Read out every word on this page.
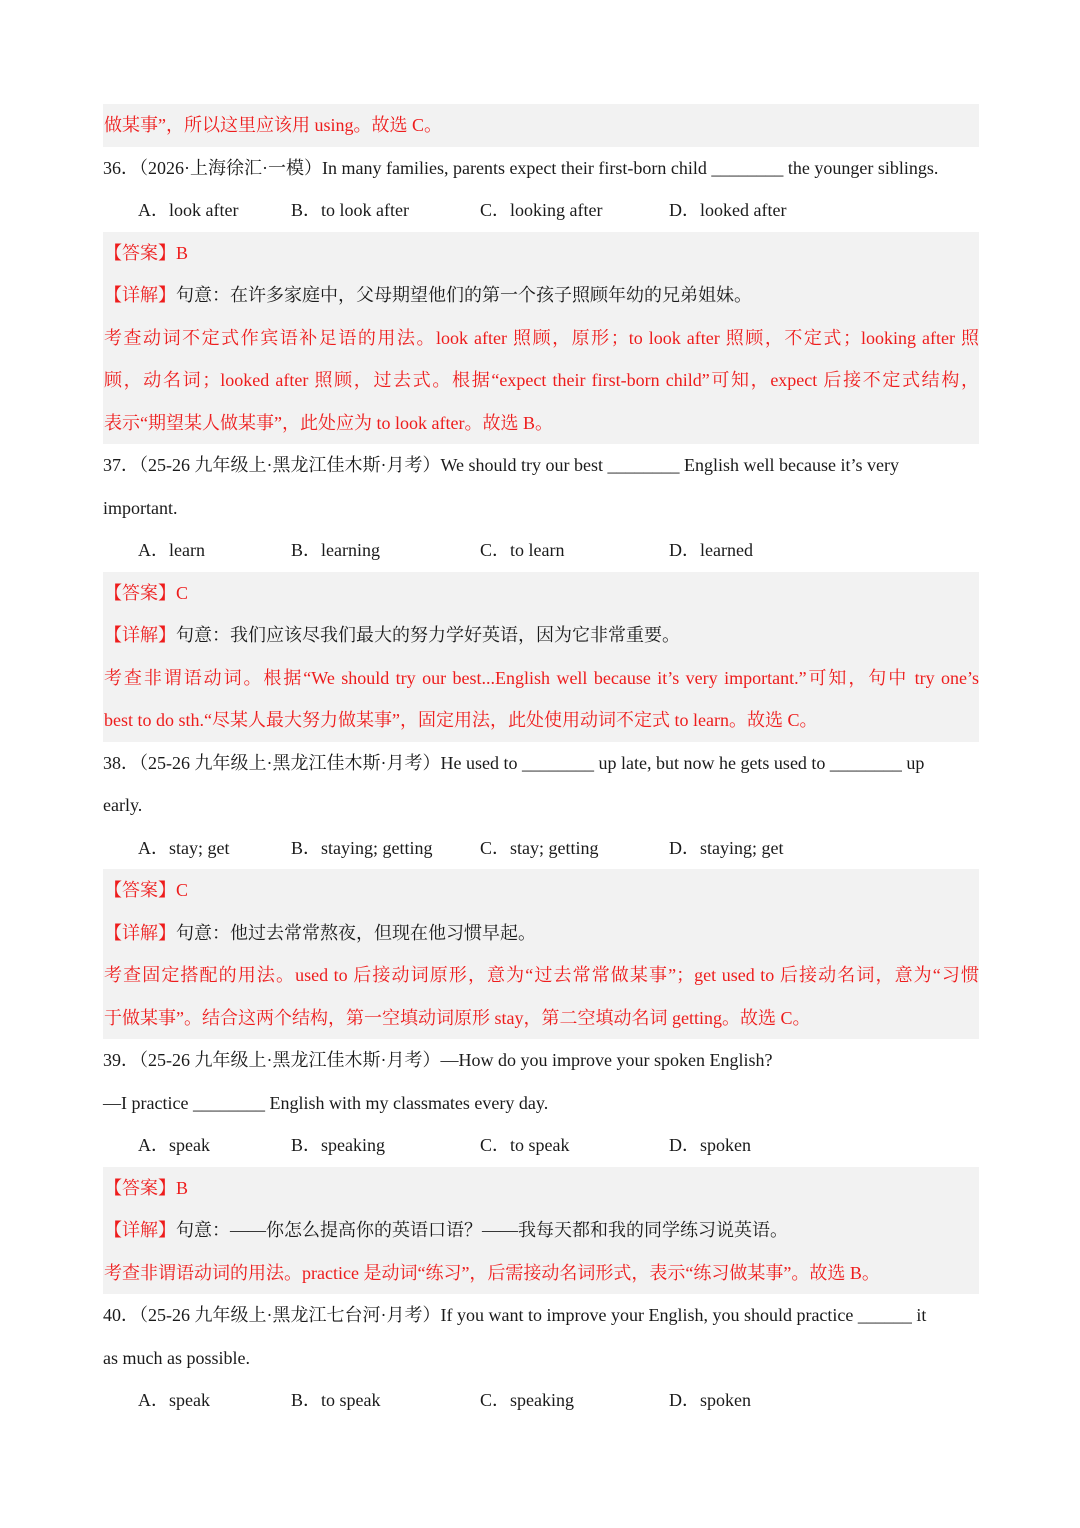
做某事”，所以这里应该用 using。故选 C。
36．（2026·上海徐汇·一模）In many families, parents expect their first-born child ________ the younger siblings.
A．look after	B．to look after	C．looking after	D．looked after
【答案】B
【详解】句意：在许多家庭中，父母期望他们的第一个孩子照顾年幼的兄弟姐妹。
考查动词不定式作宾语补足语的用法。look after 照顾，原形；to look after 照顾，不定式；looking after 照
顾，动名词；looked after 照顾，过去式。根据“expect their first-born child”可知，expect 后接不定式结构，
表示“期望某人做某事”，此处应为 to look after。故选 B。
37．（25-26 九年级上·黑龙江佳木斯·月考）We should try our best ________ English well because it’s very
important.
A．learn	B．learning	C．to learn	D．learned
【答案】C
【详解】句意：我们应该尽我们最大的努力学好英语，因为它非常重要。
考查非谓语动词。根据“We should try our best...English well because it’s very important.”可知，句中 try one’s
best to do sth.“尽某人最大努力做某事”，固定用法，此处使用动词不定式 to learn。故选 C。
38．（25-26 九年级上·黑龙江佳木斯·月考）He used to ________ up late, but now he gets used to ________ up
early.
A．stay; get	B．staying; getting	C．stay; getting	D．staying; get
【答案】C
【详解】句意：他过去常常熬夜，但现在他习惯早起。
考查固定搭配的用法。used to 后接动词原形，意为“过去常常做某事”；get used to 后接动名词，意为“习惯
于做某事”。结合这两个结构，第一空填动词原形 stay，第二空填动名词 getting。故选 C。
39．（25-26 九年级上·黑龙江佳木斯·月考）—How do you improve your spoken English?
—I practice ________ English with my classmates every day.
A．speak	B．speaking	C．to speak	D．spoken
【答案】B
【详解】句意：——你怎么提高你的英语口语？——我每天都和我的同学练习说英语。
考查非谓语动词的用法。practice 是动词“练习”，后需接动名词形式，表示“练习做某事”。故选 B。
40．（25-26 九年级上·黑龙江七台河·月考）If you want to improve your English, you should practice ______ it
as much as possible.
A．speak	B．to speak	C．speaking	D．spoken
